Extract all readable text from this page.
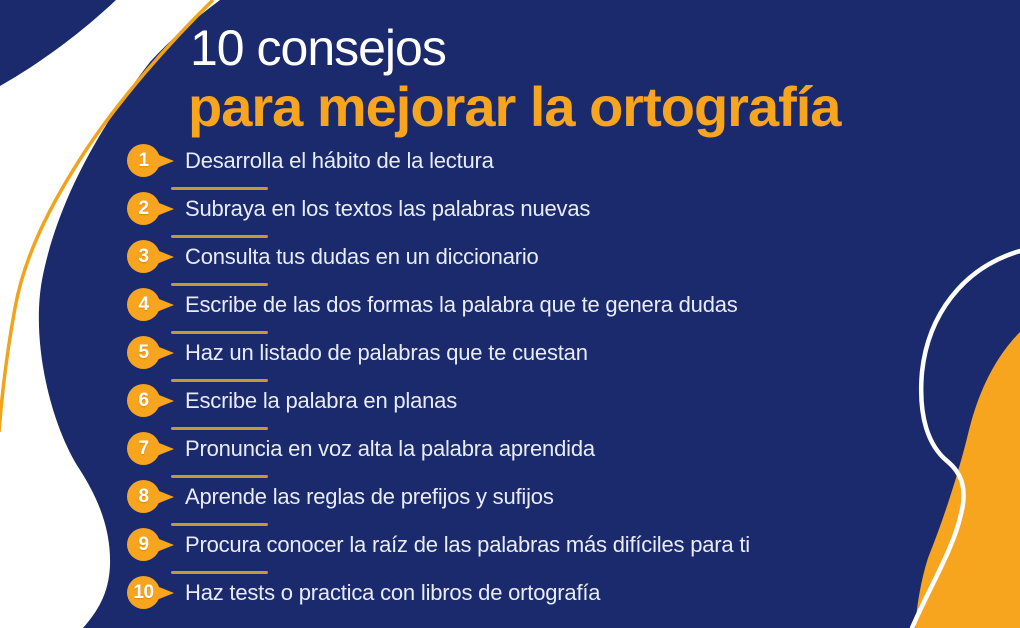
10 consejos
para mejorar la ortografía
1	Desarrolla el hábito de la lectura
2	Subraya en los textos las palabras nuevas
3	Consulta tus dudas en un diccionario
4	Escribe de las dos formas la palabra que te genera dudas
5	Haz un listado de palabras que te cuestan
6	Escribe la palabra en planas
7	Pronuncia en voz alta la palabra aprendida
8	Aprende las reglas de prefijos y sufijos
9	Procura conocer la raíz de las palabras más difíciles para ti
10 Haz tests o practica con libros de ortografía
